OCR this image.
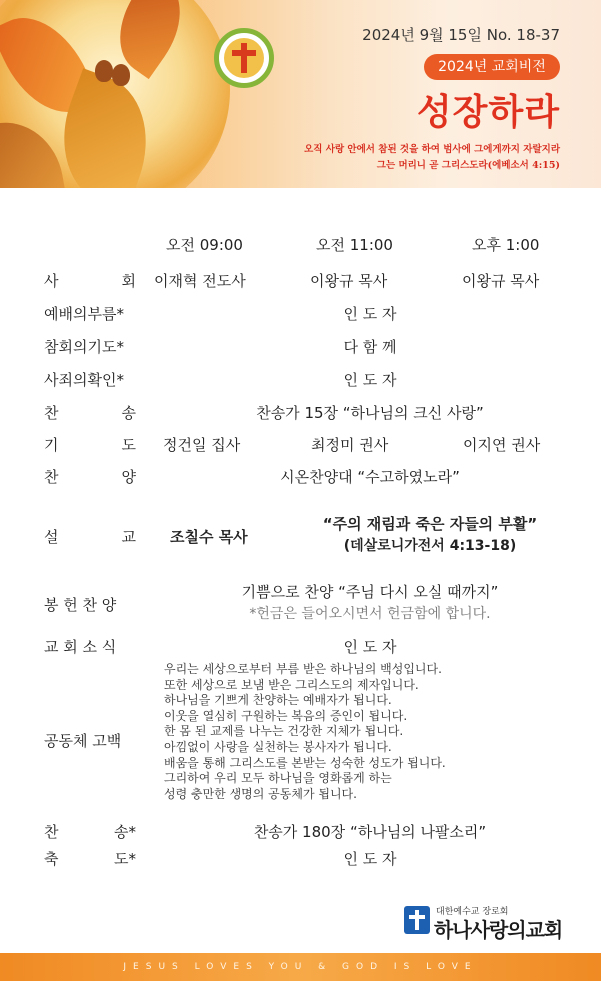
2024년 9월 15일 No. 18-37
2024년 교회비전
성장하라
오직 사랑 안에서 참된 것을 하여 범사에 그에게까지 자랄지라
그는 머리니 곧 그리스도라(에베소서 4:15)
오전 09:00	오전 11:00	오후 1:00
사	회 이재혁 전도사	이왕규 목사	이왕규 목사
예배의부름*	인 도 자
참회의기도*	다 함 께
사죄의확인*	인 도 자
찬	송	찬송가 15장 “하나님의 크신 사랑”
기	도 정건일 집사	최정미 권사	이지연 권사
찬	양	시온찬양대 “수고하였노라”
설	교 조칠수 목사
“주의 재림과 죽은 자들의 부활”
(데살로니가전서 4:13-18)
봉 헌 찬 양
기쁨으로 찬양 “주님 다시 오실 때까지”
*헌금은 들어오시면서 헌금함에 합니다.
교 회 소 식	인 도 자
공동체 고백
우리는 세상으로부터 부름 받은 하나님의 백성입니다.
또한 세상으로 보냄 받은 그리스도의 제자입니다.
하나님을 기쁘게 찬양하는 예배자가 됩니다.
이웃을 열심히 구원하는 복음의 증인이 됩니다.
한 몸 된 교제를 나누는 건강한 지체가 됩니다.
아낌없이 사랑을 실천하는 봉사자가 됩니다.
배움을 통해 그리스도를 본받는 성숙한 성도가 됩니다.
그리하여 우리 모두 하나님을 영화롭게 하는
성령 충만한 생명의 공동체가 됩니다.
찬	송*	찬송가 180장 “하나님의 나팔소리”
축	도*	인 도 자
대한예수교 장로회
하나사랑의교회
JESUS LOVES YOU & GOD IS LOVE
